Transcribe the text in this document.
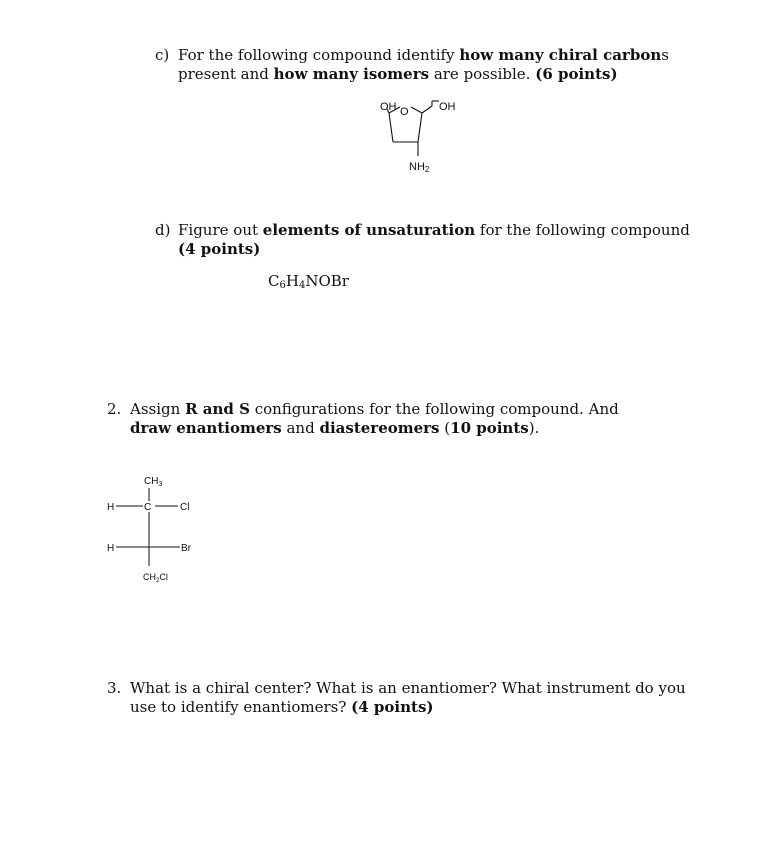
c) For the following compound identify how many chiral carbons present and how many isomers are possible. (6 points)
d) Figure out elements of unsaturation for the following compound
(4 points)
$C_6H_4NOBr$
2. Assign R and S configurations for the following compound. And draw enantiomers and diastereomers (10 points).
3. What is a chiral center? What is an enantiomer? What instrument do you use to identify enantiomers? (4 points)
OH O	OH
NH2
$CH_3$
H	C	Cl
H	Br
$CH_2Cl$
